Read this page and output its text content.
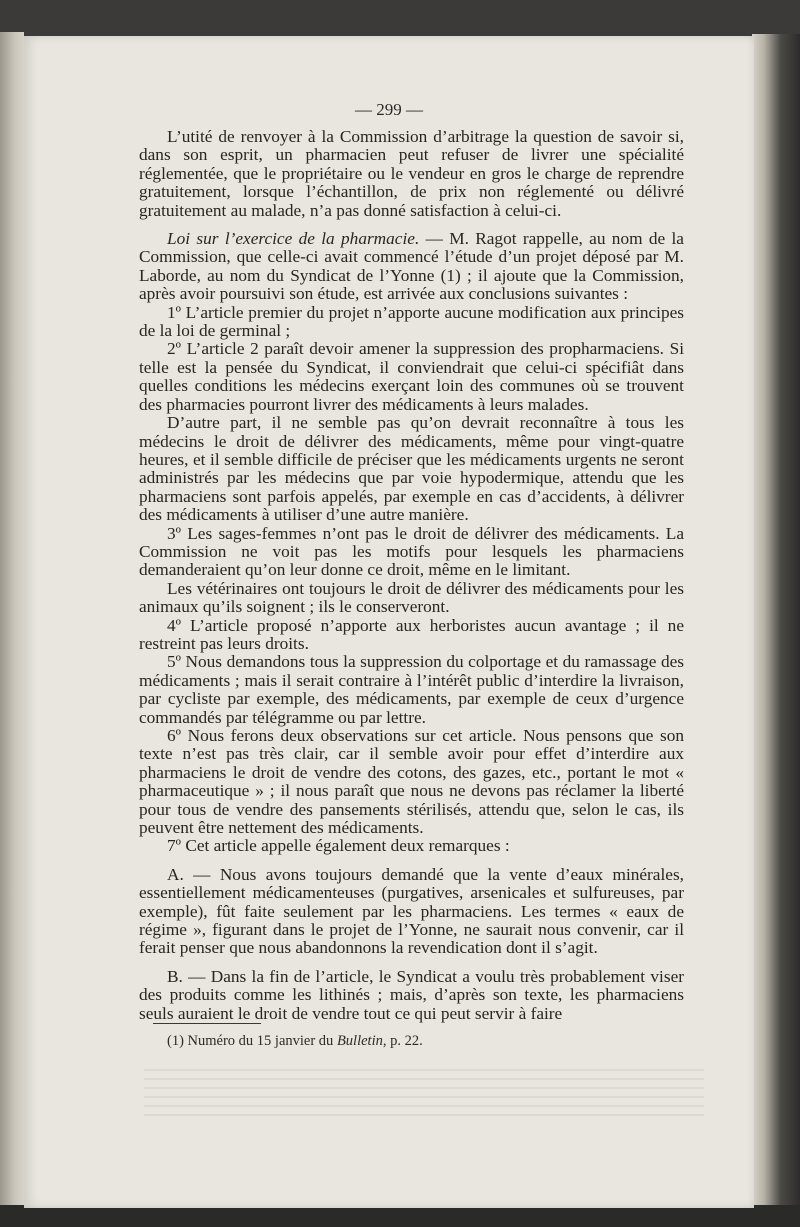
— 299 —

L’utité de renvoyer à la Commission d’arbitrage la question de savoir si, dans son esprit, un pharmacien peut refuser de livrer une spécialité réglementée, que le propriétaire ou le vendeur en gros le charge de reprendre gratuitement, lorsque l’échantillon, de prix non réglementé ou délivré gratuitement au malade, n’a pas donné satisfaction à celui-ci.

Loi sur l’exercice de la pharmacie. — M. Ragot rappelle, au nom de la Commission, que celle-ci avait commencé l’étude d’un projet déposé par M. Laborde, au nom du Syndicat de l’Yonne (1) ; il ajoute que la Commission, après avoir poursuivi son étude, est arrivée aux conclusions suivantes :

1º L’article premier du projet n’apporte aucune modification aux principes de la loi de germinal ;

2º L’article 2 paraît devoir amener la suppression des propharmaciens. Si telle est la pensée du Syndicat, il conviendrait que celui-ci spécifiât dans quelles conditions les médecins exerçant loin des communes où se trouvent des pharmacies pourront livrer des médicaments à leurs malades.

D’autre part, il ne semble pas qu’on devrait reconnaître à tous les médecins le droit de délivrer des médicaments, même pour vingt-quatre heures, et il semble difficile de préciser que les médicaments urgents ne seront administrés par les médecins que par voie hypodermique, attendu que les pharmaciens sont parfois appelés, par exemple en cas d’accidents, à délivrer des médicaments à utiliser d’une autre manière.

3º Les sages-femmes n’ont pas le droit de délivrer des médicaments. La Commission ne voit pas les motifs pour lesquels les pharmaciens demanderaient qu’on leur donne ce droit, même en le limitant.

Les vétérinaires ont toujours le droit de délivrer des médicaments pour les animaux qu’ils soignent ; ils le conserveront.

4º L’article proposé n’apporte aux herboristes aucun avantage ; il ne restreint pas leurs droits.

5º Nous demandons tous la suppression du colportage et du ramassage des médicaments ; mais il serait contraire à l’intérêt public d’interdire la livraison, par cycliste par exemple, des médicaments, par exemple de ceux d’urgence commandés par télégramme ou par lettre.

6º Nous ferons deux observations sur cet article. Nous pensons que son texte n’est pas très clair, car il semble avoir pour effet d’interdire aux pharmaciens le droit de vendre des cotons, des gazes, etc., portant le mot « pharmaceutique » ; il nous paraît que nous ne devons pas réclamer la liberté pour tous de vendre des pansements stérilisés, attendu que, selon le cas, ils peuvent être nettement des médicaments.

7º Cet article appelle également deux remarques :

A. — Nous avons toujours demandé que la vente d’eaux minérales, essentiellement médicamenteuses (purgatives, arsenicales et sulfureuses, par exemple), fût faite seulement par les pharmaciens. Les termes « eaux de régime », figurant dans le projet de l’Yonne, ne saurait nous convenir, car il ferait penser que nous abandonnons la revendication dont il s’agit.

B. — Dans la fin de l’article, le Syndicat a voulu très probablement viser des produits comme les lithinés ; mais, d’après son texte, les pharmaciens seuls auraient le droit de vendre tout ce qui peut servir à faire

(1) Numéro du 15 janvier du Bulletin, p. 22.
